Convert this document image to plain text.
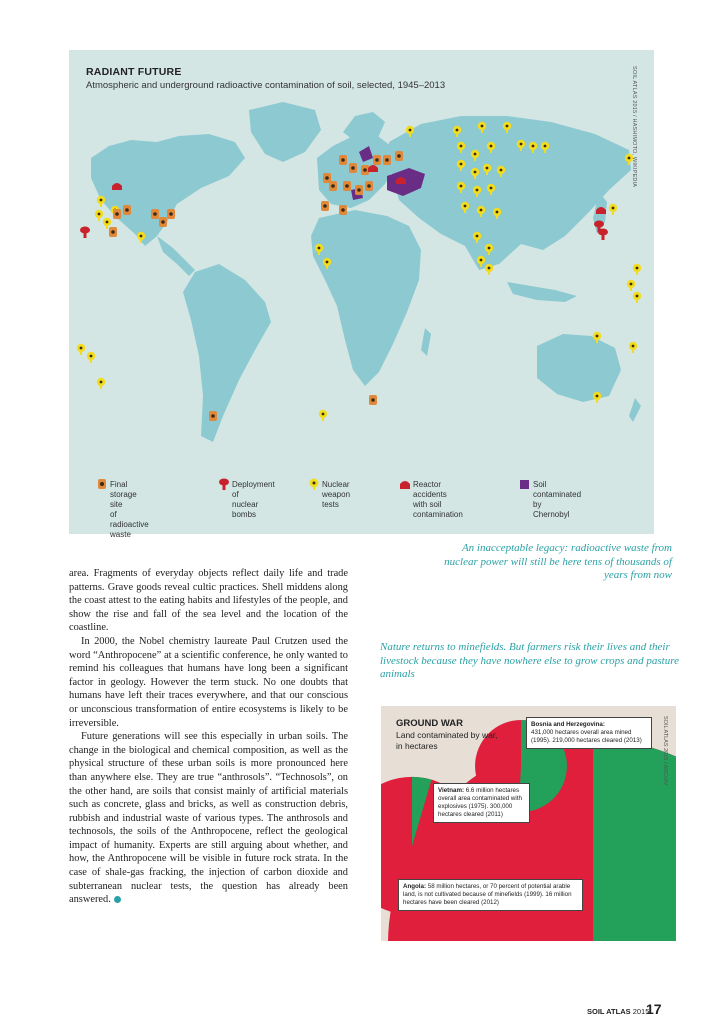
RADIANT FUTURE
Atmospheric and underground radioactive contamination of soil, selected, 1945–2013	SOIL ATLAS 2015 / HASHIMOTO, WIKIPEDIA
Final storage site
of radioactive waste
Deployment of
nuclear bombs
Nuclear weapon
tests
Reactor accidents
with soil contamination
Soil contaminated by
Chernobyl
An inacceptable legacy: radioactive waste from nuclear power will still be here tens of thousands of years from now
Nature returns to minefields. But farmers risk their lives and their livestock because they have nowhere else to grow crops and pasture animals

area. Fragments of everyday objects reflect daily life and trade patterns. Grave goods reveal cultic practices. Shell middens along the coast attest to the eating habits and lifestyles of the people, and show the rise and fall of the sea level and the location of the coastline.

In 2000, the Nobel chemistry laureate Paul Crutzen used the word “Anthropocene” at a scientific conference, he only wanted to remind his colleagues that humans have long been a significant factor in geology. However the term stuck. No one doubts that humans have left their traces everywhere, and that our conscious or unconscious transformation of entire ecosystems is likely to be irreversible.

Future generations will see this especially in urban soils. The change in the biological and chemical composition, as well as the physical structure of these urban soils is more pronounced here than anywhere else. They are true “anthrosols”. “Technosols”, on the other hand, are soils that consist mainly of artificial materials such as concrete, glass and bricks, as well as construction debris, rubbish and industrial waste of various types. The anthrosols and technosols, the soils of the Anthropocene, reflect the geological impact of humanity. Experts are still arguing about whether, and how, the Anthropocene will be visible in future rock strata. In the case of shale-gas fracking, the injection of carbon dioxide and subterranean nuclear tests, the question has already been answered.

GROUND WAR
Land contaminated by war, in hectares	SOIL ATLAS 2015 / ARCHIV
Bosnia and Herzegovina:
431,000 hectares overall area mined (1995). 219,000 hectares cleared (2013)
Vietnam: 6.6 million hectares overall area contaminated with explosives (1975). 300,000 hectares cleared (2011)
Angola: 58 million hectares, or 70 percent of potential arable land, is not cultivated because of minefields (1999). 16 million hectares have been cleared (2012)
SOIL ATLAS 2015
17
